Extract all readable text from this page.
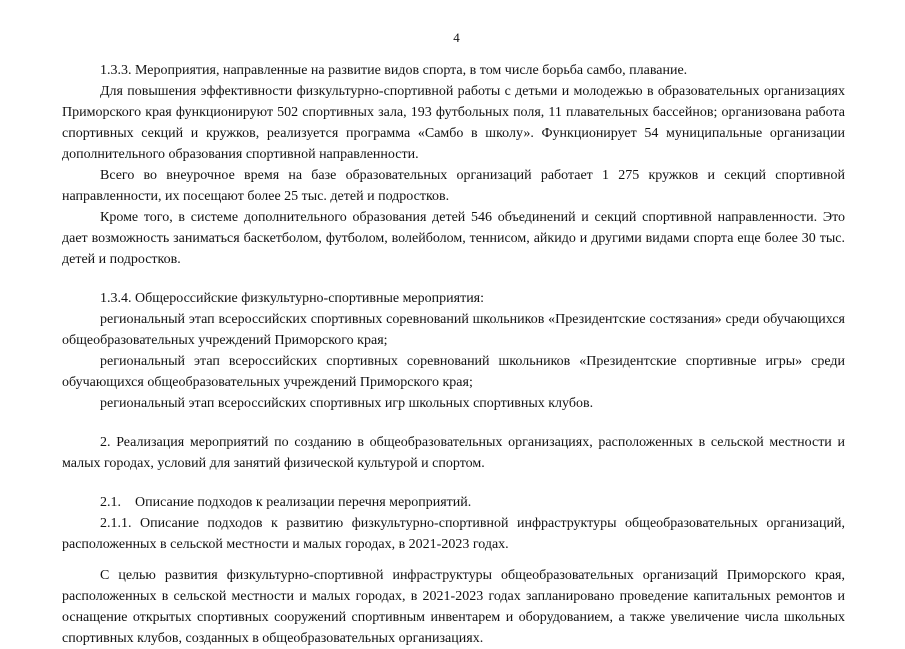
4

1.3.3. Мероприятия, направленные на развитие видов спорта, в том числе борьба самбо, плавание.

Для повышения эффективности физкультурно-спортивной работы с детьми и молодежью в образовательных организациях Приморского края функционируют 502 спортивных зала, 193 футбольных поля, 11 плавательных бассейнов; организована работа спортивных секций и кружков, реализуется программа «Самбо в школу». Функционирует 54 муниципальные организации дополнительного образования спортивной направленности.

Всего во внеурочное время на базе образовательных организаций работает 1 275 кружков и секций спортивной направленности, их посещают более 25 тыс. детей и подростков.

Кроме того, в системе дополнительного образования детей 546 объединений и секций спортивной направленности. Это дает возможность заниматься баскетболом, футболом, волейболом, теннисом, айкидо и другими видами спорта еще более 30 тыс. детей и подростков.

1.3.4. Общероссийские физкультурно-спортивные мероприятия:

региональный этап всероссийских спортивных соревнований школьников «Президентские состязания» среди обучающихся общеобразовательных учреждений Приморского края;

региональный этап всероссийских спортивных соревнований школьников «Президентские спортивные игры» среди обучающихся общеобразовательных учреждений Приморского края;

региональный этап всероссийских спортивных игр школьных спортивных клубов.

2. Реализация мероприятий по созданию в общеобразовательных организациях, расположенных в сельской местности и малых городах, условий для занятий физической культурой и спортом.

2.1.    Описание подходов к реализации перечня мероприятий.

2.1.1. Описание подходов к развитию физкультурно-спортивной инфраструктуры общеобразовательных организаций, расположенных в сельской местности и малых городах, в 2021-2023 годах.

С целью развития физкультурно-спортивной инфраструктуры общеобразовательных организаций Приморского края, расположенных в сельской местности и малых городах, в 2021-2023 годах запланировано проведение капитальных ремонтов и оснащение открытых спортивных сооружений спортивным инвентарем и оборудованием, а также увеличение числа школьных спортивных клубов, созданных в общеобразовательных организациях.
